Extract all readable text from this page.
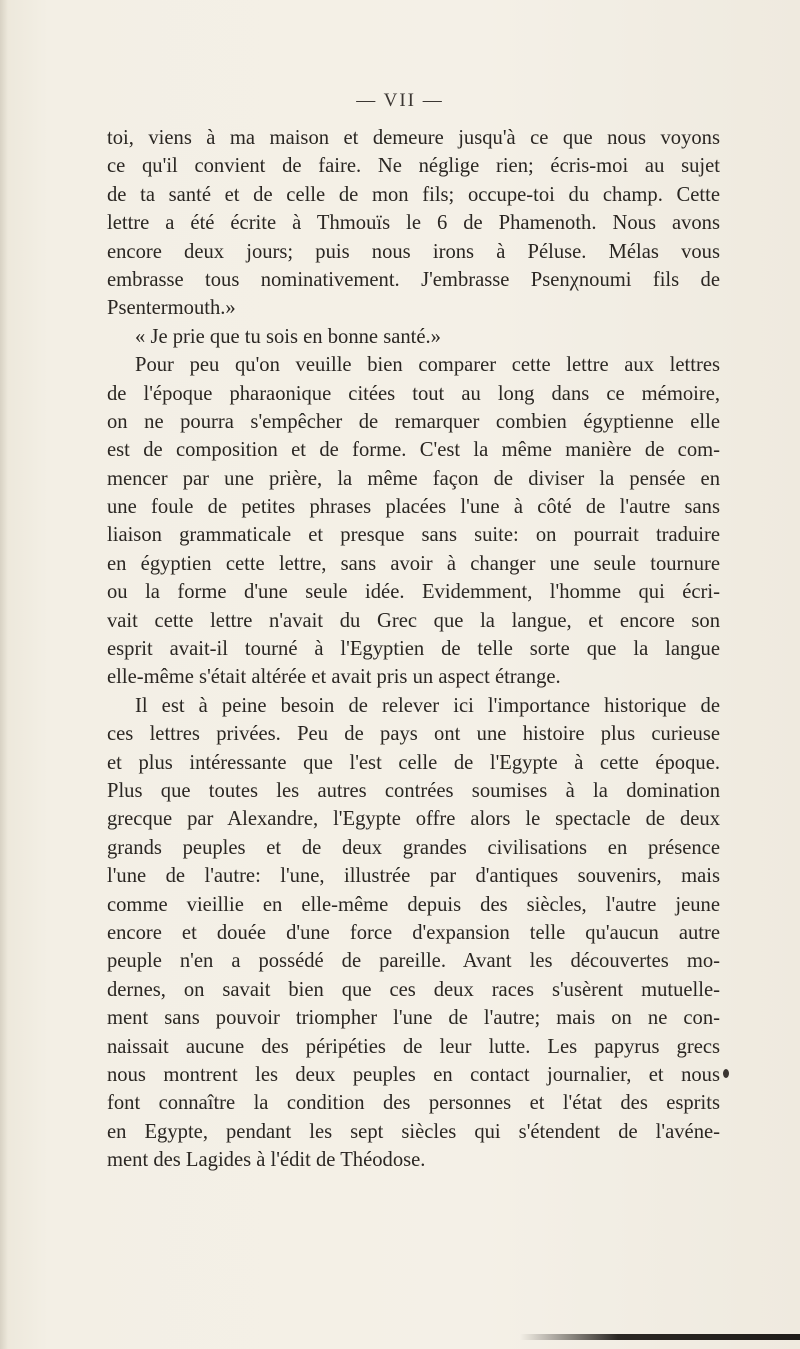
— VII —
toi, viens à ma maison et demeure jusqu'à ce que nous voyons
ce qu'il convient de faire. Ne néglige rien; écris-moi au sujet
de ta santé et de celle de mon fils; occupe-toi du champ. Cette
lettre a été écrite à Thmouïs le 6 de Phamenoth. Nous avons
encore deux jours; puis nous irons à Péluse. Mélas vous
embrasse tous nominativement. J'embrasse Psenχnoumi fils de
Psentermouth.»
« Je prie que tu sois en bonne santé.»
Pour peu qu'on veuille bien comparer cette lettre aux lettres
de l'époque pharaonique citées tout au long dans ce mémoire,
on ne pourra s'empêcher de remarquer combien égyptienne elle
est de composition et de forme. C'est la même manière de com-
mencer par une prière, la même façon de diviser la pensée en
une foule de petites phrases placées l'une à côté de l'autre sans
liaison grammaticale et presque sans suite: on pourrait traduire
en égyptien cette lettre, sans avoir à changer une seule tournure
ou la forme d'une seule idée. Evidemment, l'homme qui écri-
vait cette lettre n'avait du Grec que la langue, et encore son
esprit avait-il tourné à l'Egyptien de telle sorte que la langue
elle-même s'était altérée et avait pris un aspect étrange.
Il est à peine besoin de relever ici l'importance historique de
ces lettres privées. Peu de pays ont une histoire plus curieuse
et plus intéressante que l'est celle de l'Egypte à cette époque.
Plus que toutes les autres contrées soumises à la domination
grecque par Alexandre, l'Egypte offre alors le spectacle de deux
grands peuples et de deux grandes civilisations en présence
l'une de l'autre: l'une, illustrée par d'antiques souvenirs, mais
comme vieillie en elle-même depuis des siècles, l'autre jeune
encore et douée d'une force d'expansion telle qu'aucun autre
peuple n'en a possédé de pareille. Avant les découvertes mo-
dernes, on savait bien que ces deux races s'usèrent mutuelle-
ment sans pouvoir triompher l'une de l'autre; mais on ne con-
naissait aucune des péripéties de leur lutte. Les papyrus grecs
nous montrent les deux peuples en contact journalier, et nous
font connaître la condition des personnes et l'état des esprits
en Egypte, pendant les sept siècles qui s'étendent de l'avéne-
ment des Lagides à l'édit de Théodose.
